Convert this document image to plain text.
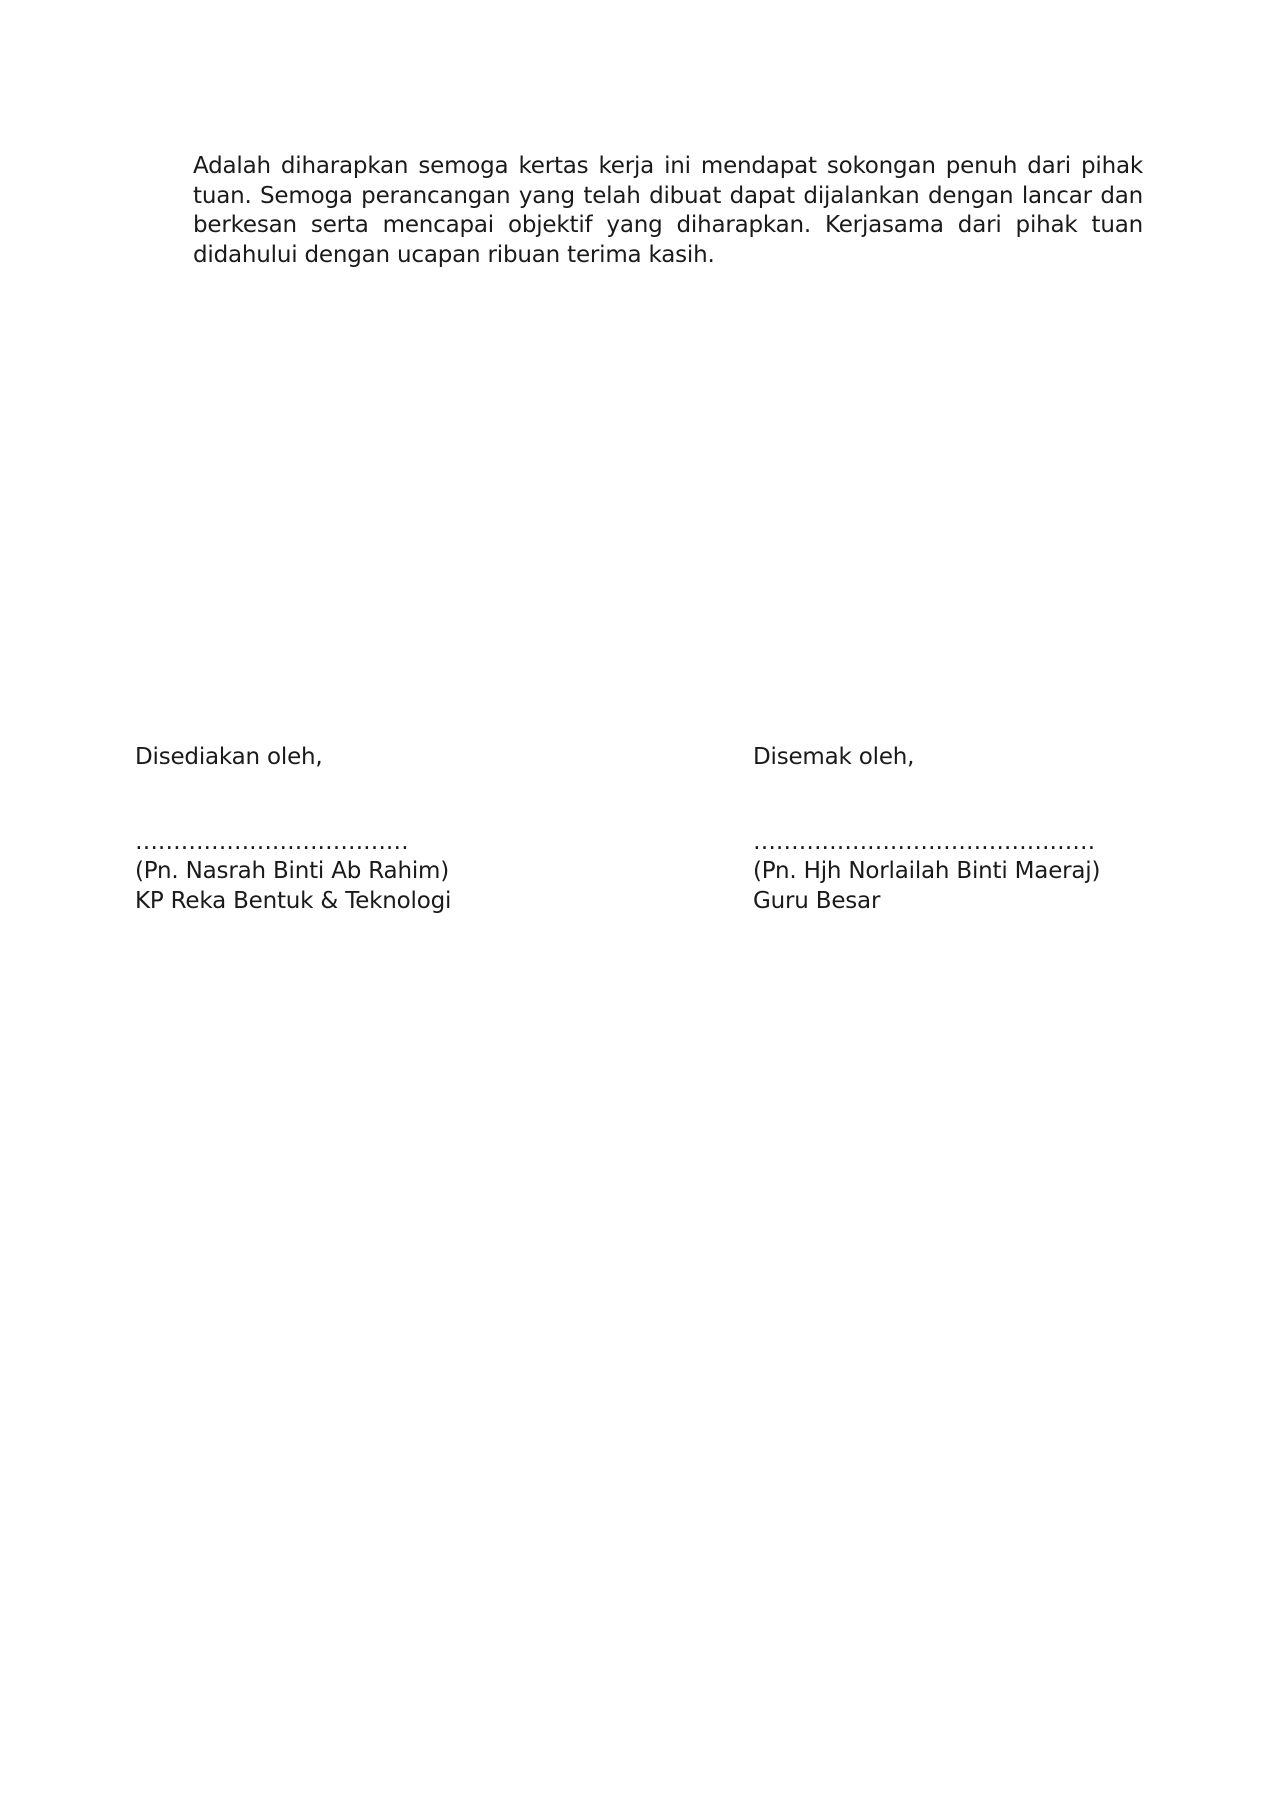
Adalah diharapkan semoga kertas kerja ini mendapat sokongan penuh dari pihak tuan. Semoga perancangan yang telah dibuat dapat dijalankan dengan lancar dan berkesan serta mencapai objektif yang diharapkan. Kerjasama dari pihak tuan didahului dengan ucapan ribuan terima kasih.

Disediakan oleh,
………………………………
(Pn. Nasrah Binti Ab Rahim)
KP Reka Bentuk & Teknologi
Disemak oleh,
………………………………………
(Pn. Hjh Norlailah Binti Maeraj)
Guru Besar
